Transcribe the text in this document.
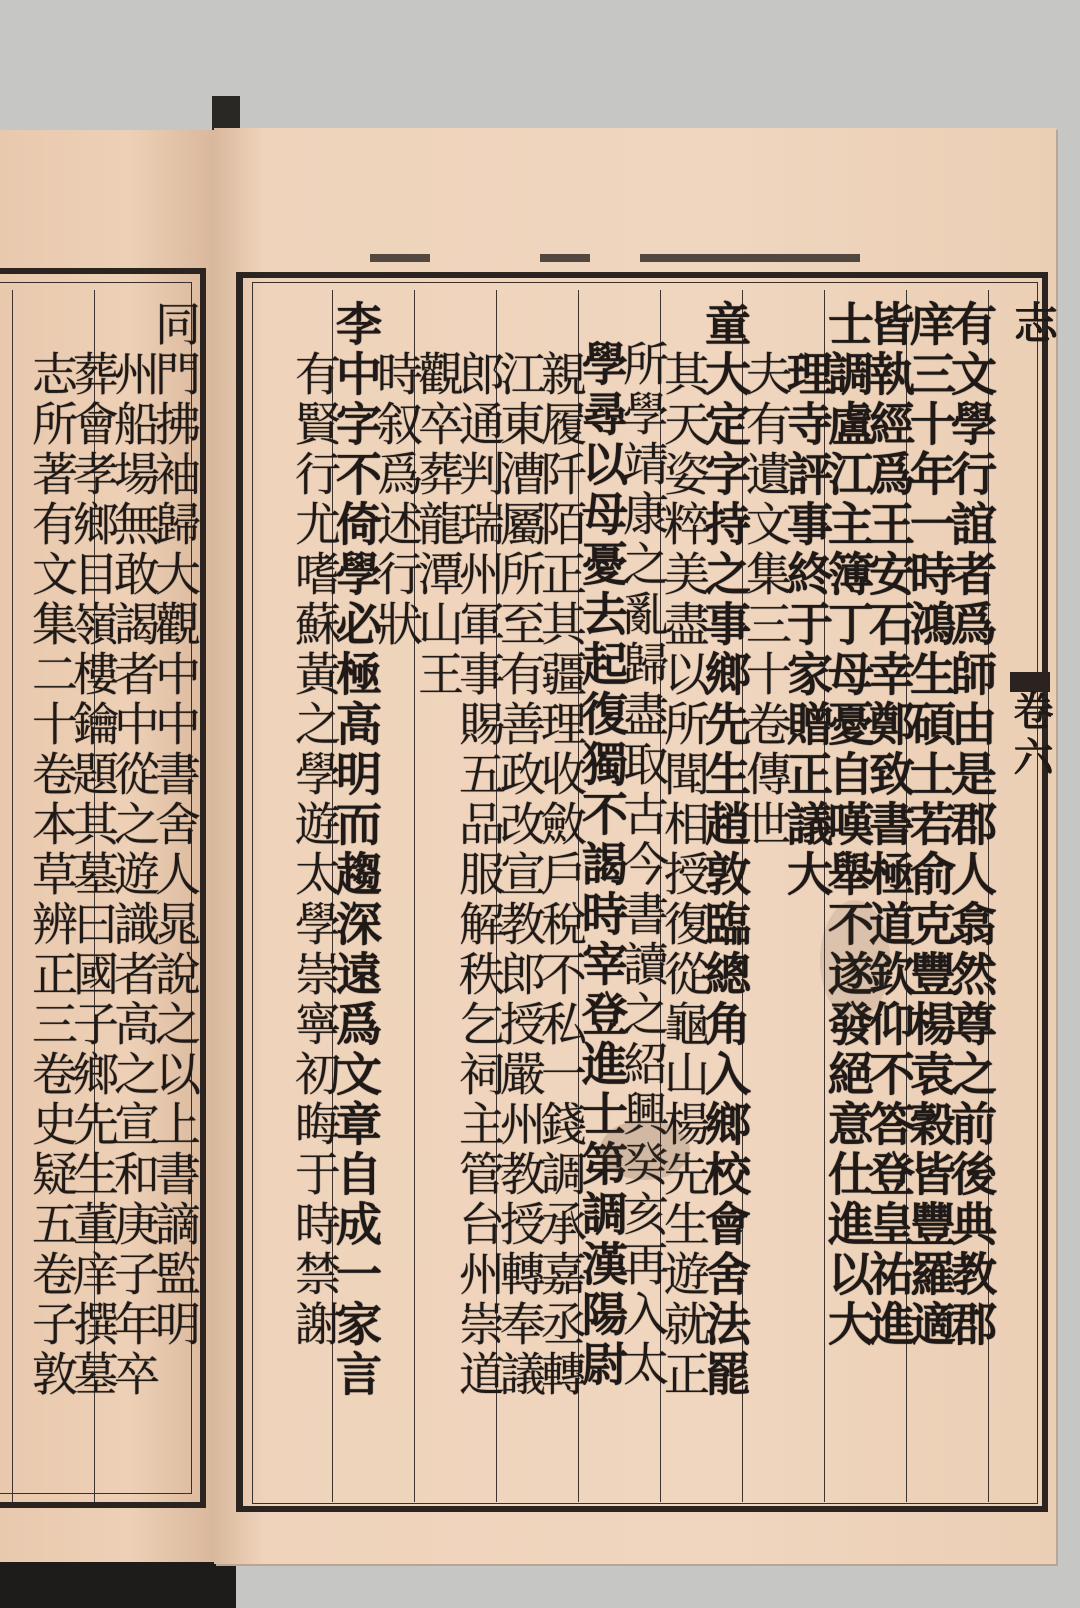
志
卷六
有文學行誼者爲師由是郡人翕然尊之前後典教郡
庠三十年一時鴻生碩士若俞克豐楊袁穀皆豐羅適
皆執經爲王安石幸鄭致書極道欽仰不答登皇祐進
士調盧江主簿丁母憂自嘆舉不遂發絕意仕進以大
理寺評事終于家贈正議大
夫有遺文集三十卷傳世
童大定字持之事鄉先生趙敦臨總角入鄉校會舍法罷
其天姿粹美盡以所聞相授復從龜山楊先生遊就正
所學靖康之亂歸盡取古今書讀之紹興癸亥再入太
學尋以母憂去起復獨不謁時宰登進士第調漢陽尉
親履阡陌正其疆理收斂戶稅不私一錢調承嘉丞轉
江東漕屬所至有善政改宣教郎授嚴州教授轉奉議
郎通判瑞州軍事賜五品服解秩乞祠主管台州崇道
觀卒葬龍潭山王
時叙爲述行狀
李中字不倚學必極高明而趨深遠爲文章自成一家言
有賢行尤嗜蘇黃之學遊太學崇寧初晦于時禁謝
同門拂袖歸大觀中中書舍人晁說之以上書謫監明
州船場無敢謁者中從之遊識者高之宣和庚子年卒
葬會孝鄉目嶺樓鑰題其墓曰國子鄉先生董庠撰墓
志所著有文集二十卷本草辨正三卷史疑五卷子敦
